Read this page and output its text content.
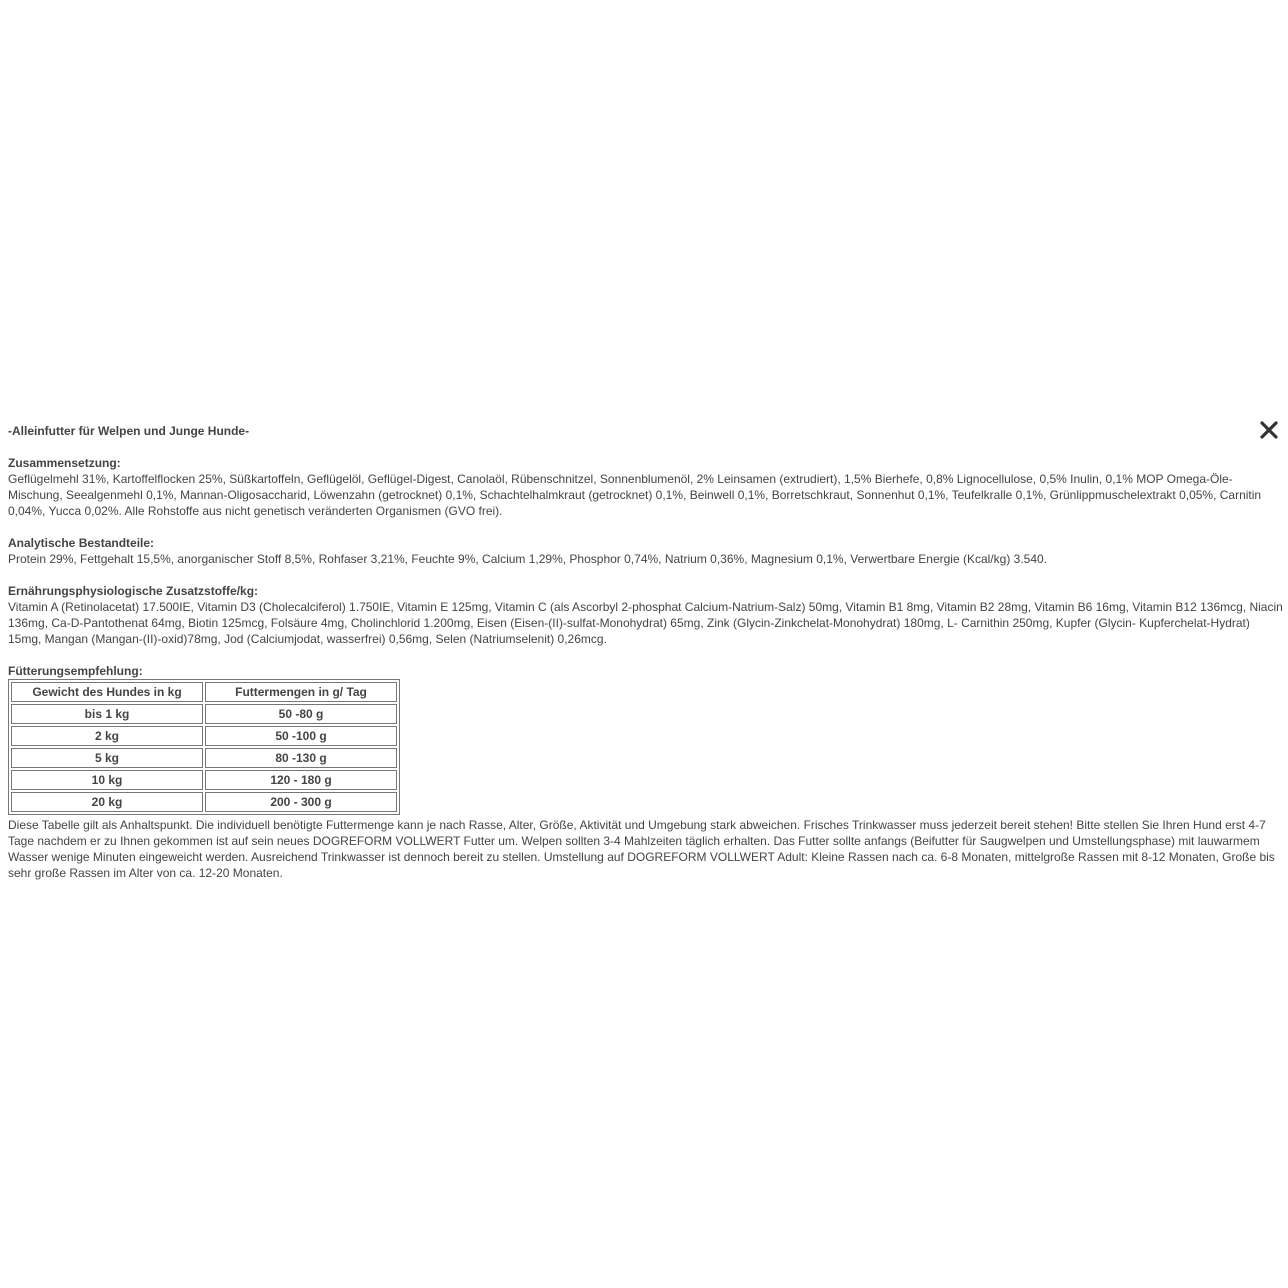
-Alleinfutter für Welpen und Junge Hunde-
Zusammensetzung:
Geflügelmehl 31%, Kartoffelflocken 25%, Süßkartoffeln, Geflügelöl, Geflügel-Digest, Canolaöl, Rübenschnitzel, Sonnenblumenöl, 2% Leinsamen (extrudiert), 1,5% Bierhefe, 0,8% Lignocellulose, 0,5% Inulin, 0,1% MOP Omega-Öle-Mischung, Seealgenmehl 0,1%, Mannan-Oligosaccharid, Löwenzahn (getrocknet) 0,1%, Schachtelhalmkraut (getrocknet) 0,1%, Beinwell 0,1%, Borretschkraut, Sonnenhut 0,1%, Teufelkralle 0,1%, Grünlippmuschelextrakt 0,05%, Carnitin 0,04%, Yucca 0,02%. Alle Rohstoffe aus nicht genetisch veränderten Organismen (GVO frei).
Analytische Bestandteile:
Protein 29%, Fettgehalt 15,5%, anorganischer Stoff 8,5%, Rohfaser 3,21%, Feuchte 9%, Calcium 1,29%, Phosphor 0,74%, Natrium 0,36%, Magnesium 0,1%, Verwertbare Energie (Kcal/kg) 3.540.
Ernährungsphysiologische Zusatzstoffe/kg:
Vitamin A (Retinolacetat) 17.500IE, Vitamin D3 (Cholecalciferol) 1.750IE, Vitamin E 125mg, Vitamin C (als Ascorbyl 2-phosphat Calcium-Natrium-Salz) 50mg, Vitamin B1 8mg, Vitamin B2 28mg, Vitamin B6 16mg, Vitamin B12 136mcg, Niacin 136mg, Ca-D-Pantothenat 64mg, Biotin 125mcg, Folsäure 4mg, Cholinchlorid 1.200mg, Eisen (Eisen-(II)-sulfat-Monohydrat) 65mg, Zink (Glycin-Zinkchelat-Monohydrat) 180mg, L- Carnithin 250mg, Kupfer (Glycin- Kupferchelat-Hydrat) 15mg, Mangan (Mangan-(II)-oxid)78mg, Jod (Calciumjodat, wasserfrei) 0,56mg, Selen (Natriumselenit) 0,26mcg.
Fütterungsempfehlung:
Gewicht des Hundes in kg	Futtermengen in g/ Tag
bis 1 kg	50 -80 g
2 kg	50 -100 g
5 kg	80 -130 g
10 kg	120 - 180 g
20 kg	200 - 300 g
Diese Tabelle gilt als Anhaltspunkt. Die individuell benötigte Futtermenge kann je nach Rasse, Alter, Größe, Aktivität und Umgebung stark abweichen. Frisches Trinkwasser muss jederzeit bereit stehen! Bitte stellen Sie Ihren Hund erst 4-7 Tage nachdem er zu Ihnen gekommen ist auf sein neues DOGREFORM VOLLWERT Futter um. Welpen sollten 3-4 Mahlzeiten täglich erhalten. Das Futter sollte anfangs (Beifutter für Saugwelpen und Umstellungsphase) mit lauwarmem Wasser wenige Minuten eingeweicht werden. Ausreichend Trinkwasser ist dennoch bereit zu stellen. Umstellung auf DOGREFORM VOLLWERT Adult: Kleine Rassen nach ca. 6-8 Monaten, mittelgroße Rassen mit 8-12 Monaten, Große bis sehr große Rassen im Alter von ca. 12-20 Monaten.
